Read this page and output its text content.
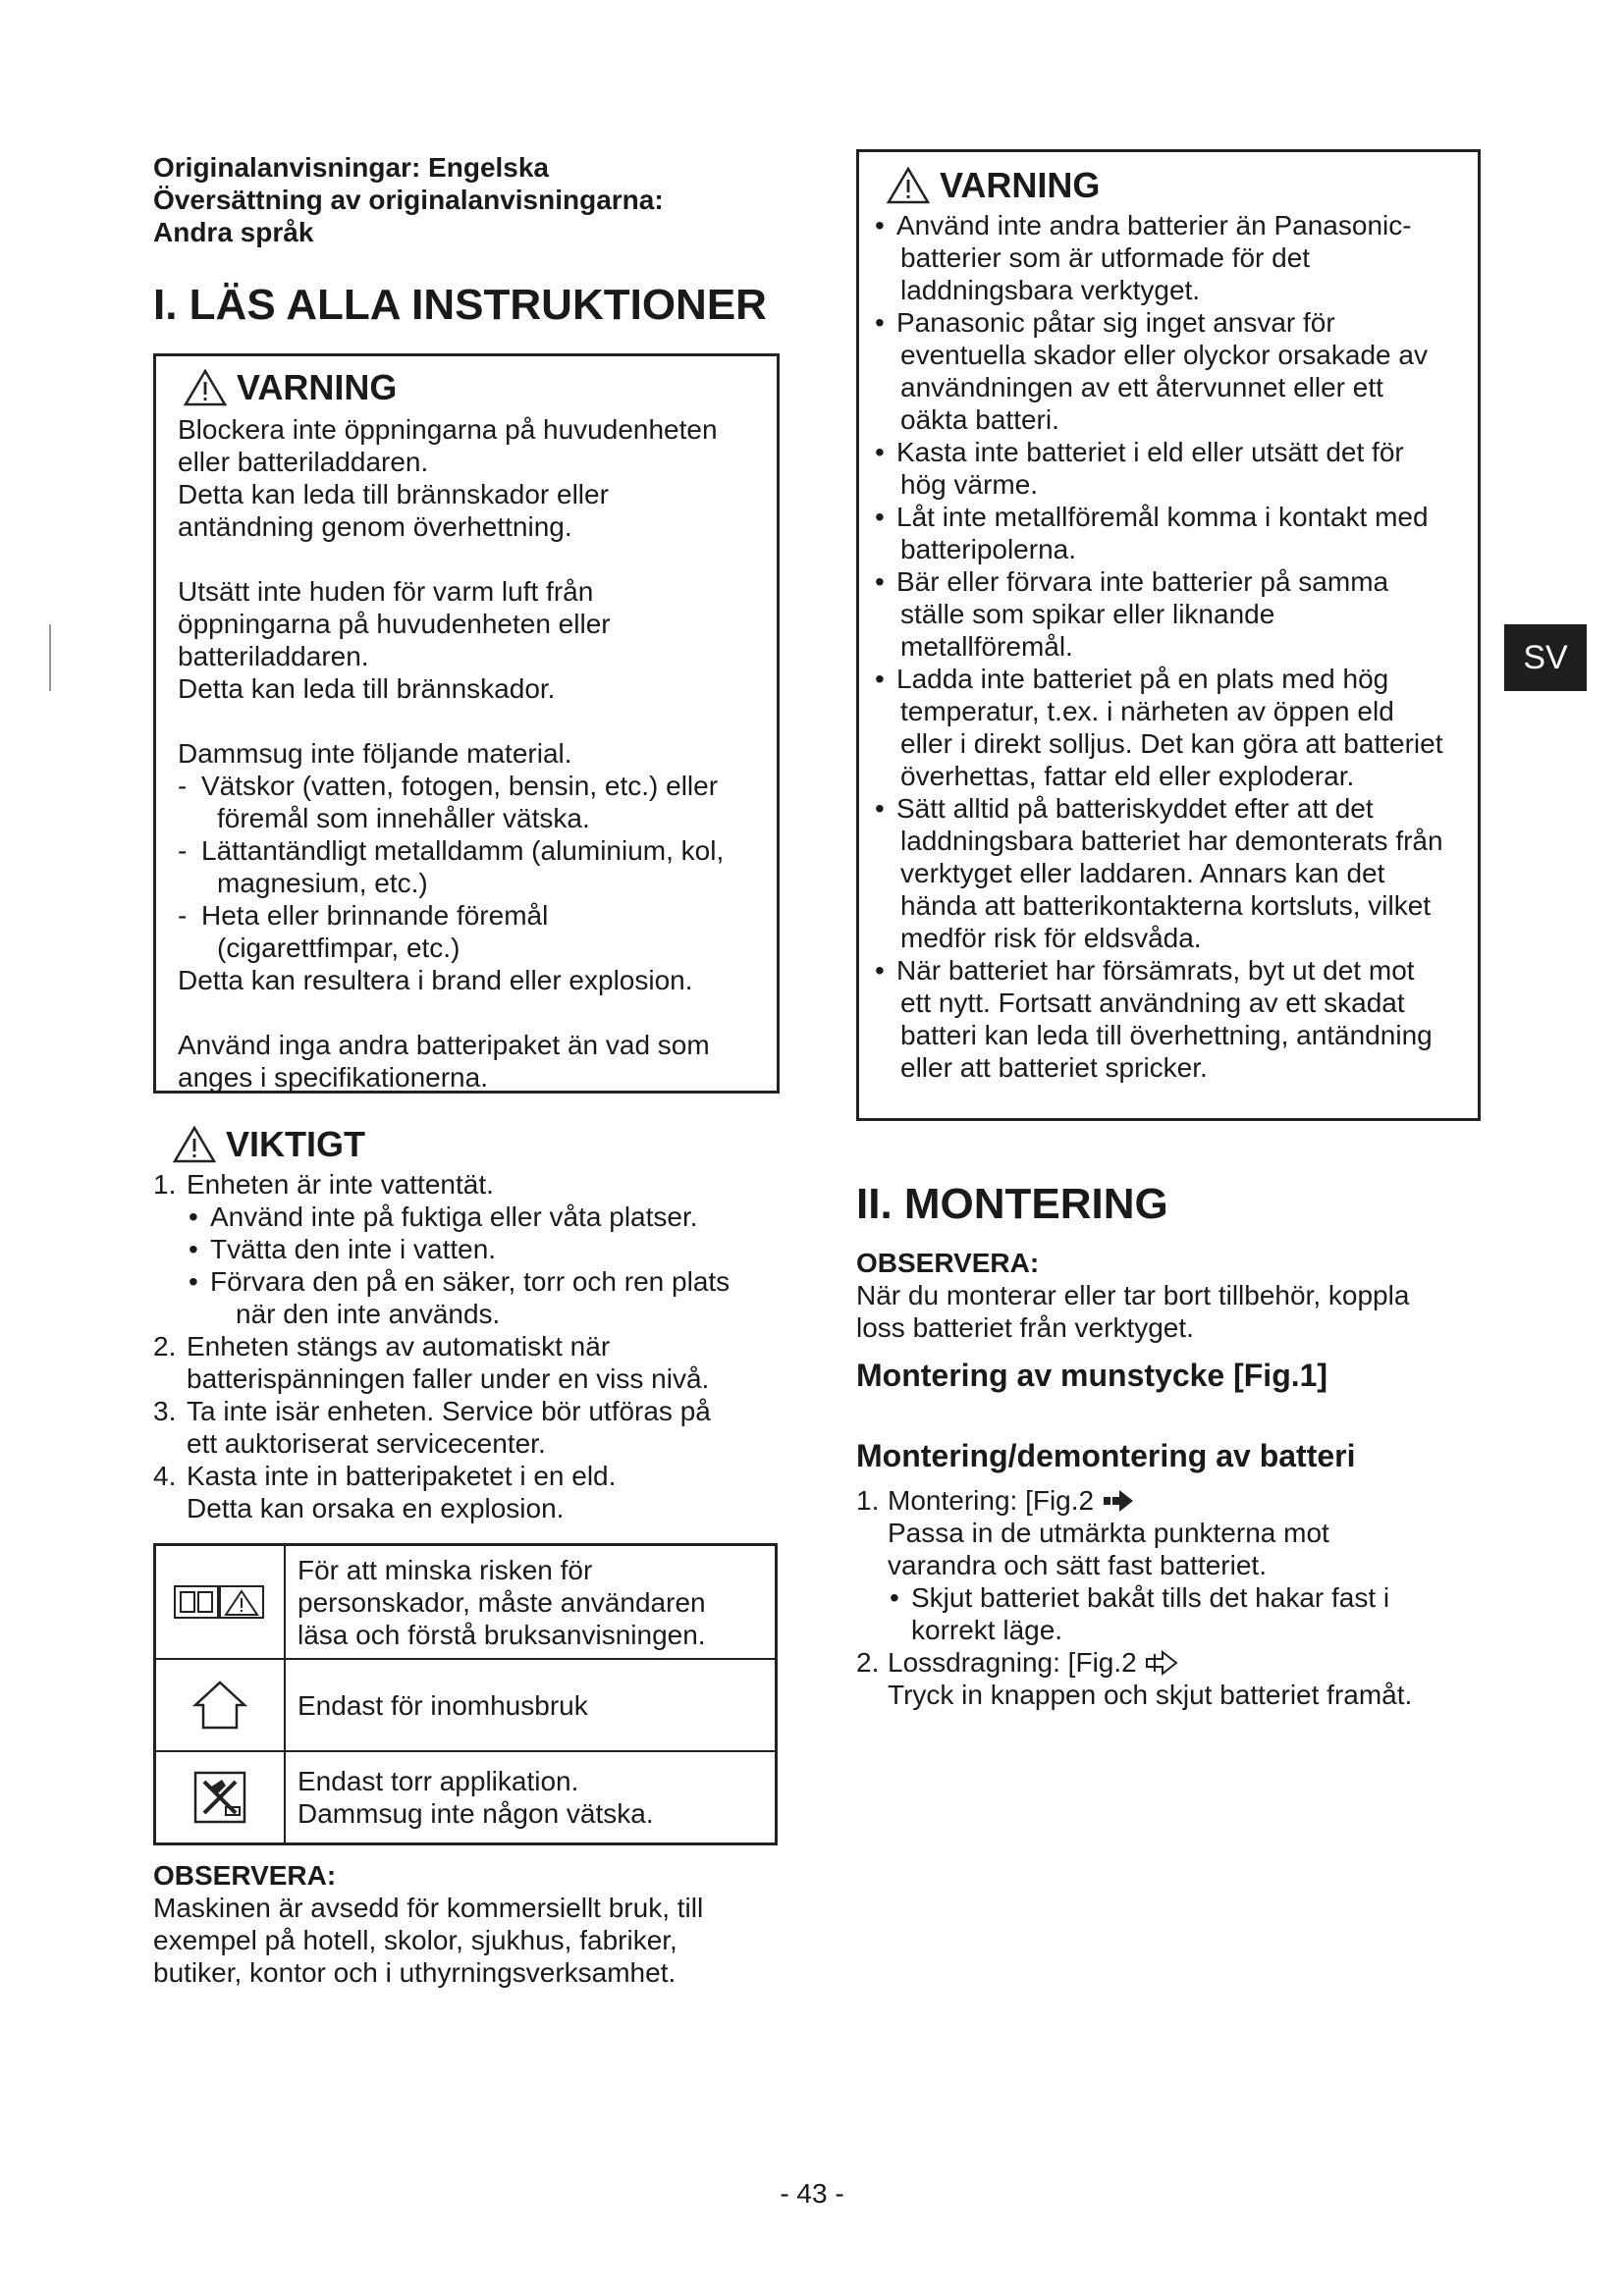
Originalanvisningar: Engelska
Översättning av originalanvisningarna:
Andra språk
I. LÄS ALLA INSTRUKTIONER
VARNING
Blockera inte öppningarna på huvudenheten
eller batteriladdaren.
Detta kan leda till brännskador eller
antändning genom överhettning.
Utsätt inte huden för varm luft från
öppningarna på huvudenheten eller
batteriladdaren.
Detta kan leda till brännskador.
Dammsug inte följande material.
- Vätskor (vatten, fotogen, bensin, etc.) eller
föremål som innehåller vätska.
- Lättantändligt metalldamm (aluminium, kol,
magnesium, etc.)
- Heta eller brinnande föremål
(cigarettfimpar, etc.)
Detta kan resultera i brand eller explosion.
Använd inga andra batteripaket än vad som
anges i specifikationerna.
VIKTIGT
1. Enheten är inte vattentät.
• Använd inte på fuktiga eller våta platser.
• Tvätta den inte i vatten.
• Förvara den på en säker, torr och ren plats
när den inte används.
2. Enheten stängs av automatiskt när
batterispänningen faller under en viss nivå.
3. Ta inte isär enheten. Service bör utföras på
ett auktoriserat servicecenter.
4. Kasta inte in batteripaketet i en eld.
Detta kan orsaka en explosion.
För att minska risken för
personskador, måste användaren
läsa och förstå bruksanvisningen.
Endast för inomhusbruk
Endast torr applikation.
Dammsug inte någon vätska.
OBSERVERA:
Maskinen är avsedd för kommersiellt bruk, till
exempel på hotell, skolor, sjukhus, fabriker,
butiker, kontor och i uthyrningsverksamhet.
VARNING
• Använd inte andra batterier än Panasonic-
batterier som är utformade för det
laddningsbara verktyget.
• Panasonic påtar sig inget ansvar för
eventuella skador eller olyckor orsakade av
användningen av ett återvunnet eller ett
oäkta batteri.
• Kasta inte batteriet i eld eller utsätt det för
hög värme.
• Låt inte metallföremål komma i kontakt med
batteripolerna.
• Bär eller förvara inte batterier på samma
ställe som spikar eller liknande
metallföremål.
• Ladda inte batteriet på en plats med hög
temperatur, t.ex. i närheten av öppen eld
eller i direkt solljus. Det kan göra att batteriet
överhettas, fattar eld eller exploderar.
• Sätt alltid på batteriskyddet efter att det
laddningsbara batteriet har demonterats från
verktyget eller laddaren. Annars kan det
hända att batterikontakterna kortsluts, vilket
medför risk för eldsvåda.
• När batteriet har försämrats, byt ut det mot
ett nytt. Fortsatt användning av ett skadat
batteri kan leda till överhettning, antändning
eller att batteriet spricker.
II. MONTERING
OBSERVERA:
När du monterar eller tar bort tillbehör, koppla
loss batteriet från verktyget.
Montering av munstycke [Fig.1]
Montering/demontering av batteri
1. Montering: [Fig.2
Passa in de utmärkta punkterna mot
varandra och sätt fast batteriet.
• Skjut batteriet bakåt tills det hakar fast i
korrekt läge.
2. Lossdragning: [Fig.2
Tryck in knappen och skjut batteriet framåt.
SV
- 43 -
